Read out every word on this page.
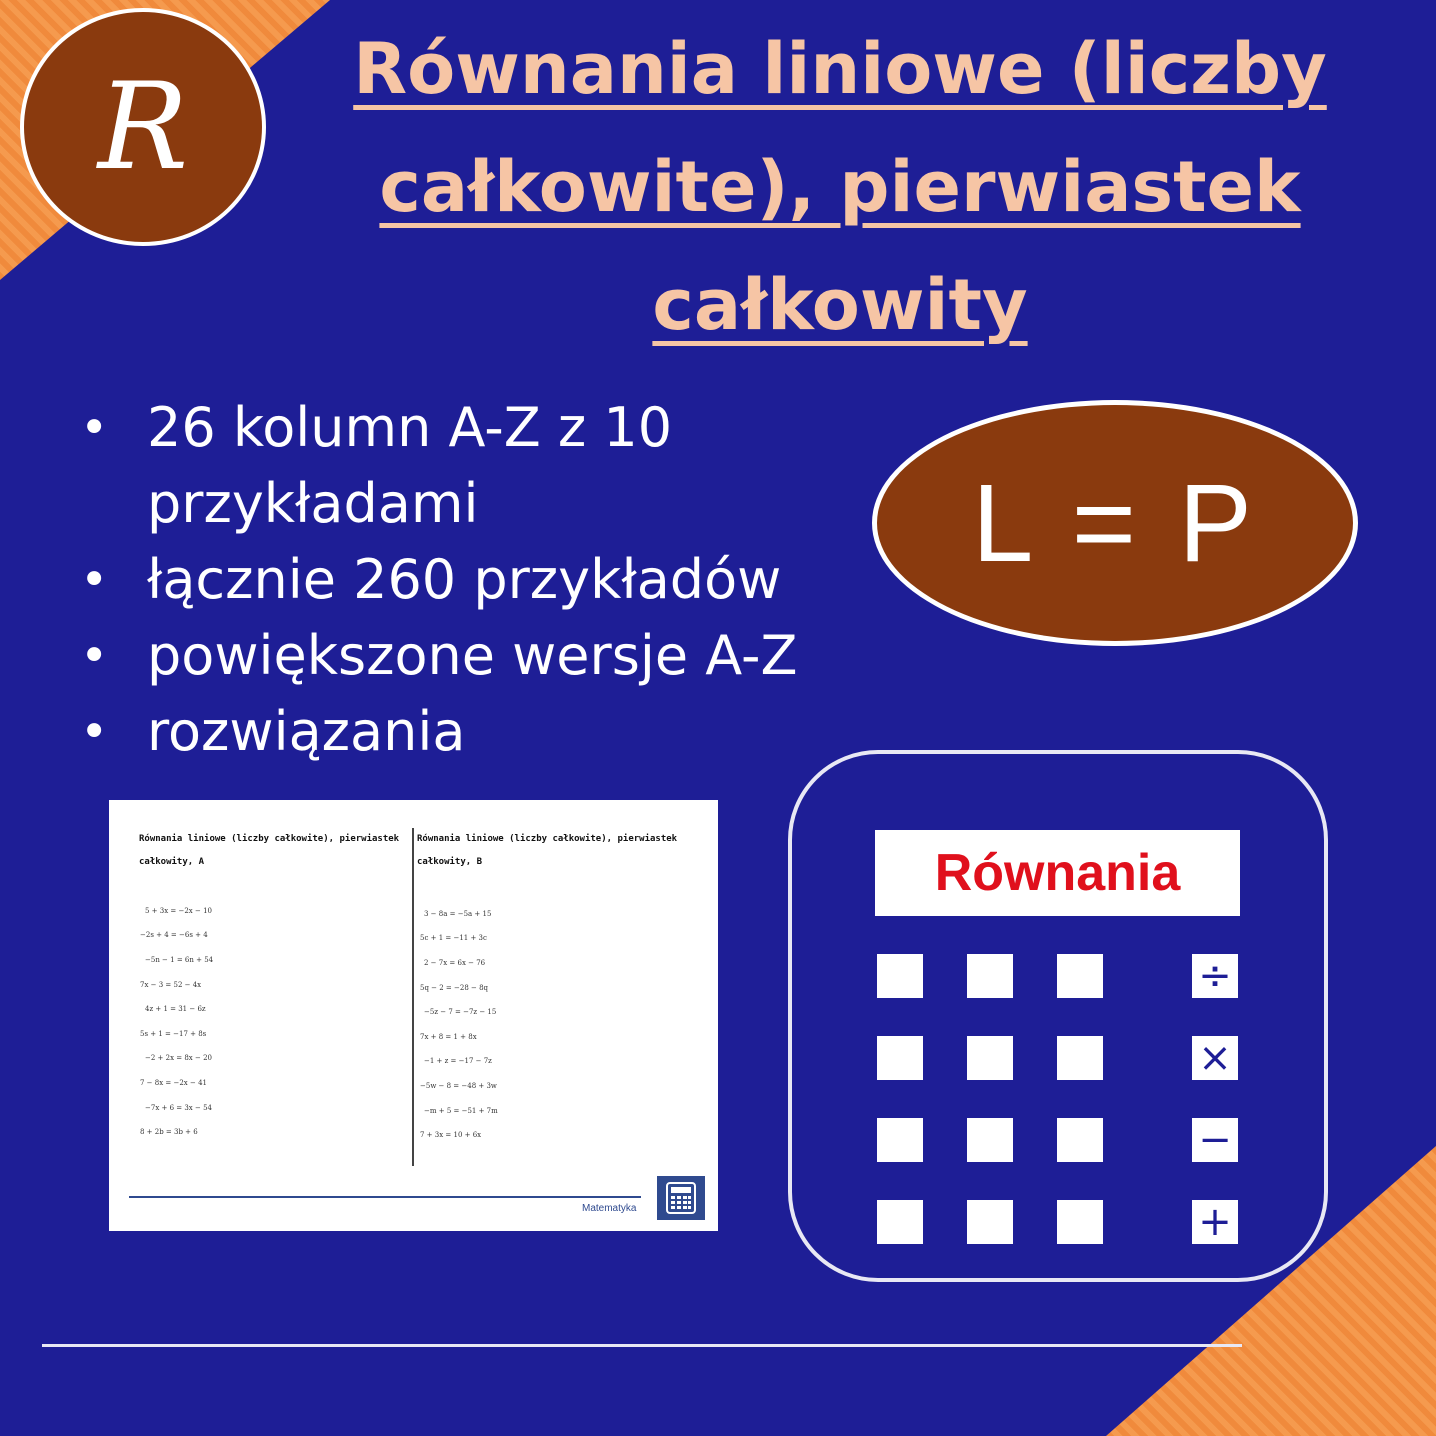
R	Równania liniowe (liczby
całkowite), pierwiastek
całkowity
• 26 kolumn A-Z z 10 przykładami
• łącznie 260 przykładów
• powiększone wersje A-Z
• rozwiązania
L = P
Równania liniowe (liczby całkowite), pierwiastek
całkowity, A
Równania liniowe (liczby całkowite), pierwiastek
całkowity, B
5 + 3x = −2x − 10
−2s + 4 = −6s + 4
−5n − 1 = 6n + 54
7x − 3 = 52 − 4x
4z + 1 = 31 − 6z
5s + 1 = −17 + 8s
−2 + 2x = 8x − 20
7 − 8x = −2x − 41
−7x + 6 = 3x − 54
8 + 2b = 3b + 6
3 − 8a = −5a + 15
5c + 1 = −11 + 3c
2 − 7x = 6x − 76
5q − 2 = −28 − 8q
−5z − 7 = −7z − 15
7x + 8 = 1 + 8x
−1 + z = −17 − 7z
−5w − 8 = −48 + 3w
−m + 5 = −51 + 7m
7 + 3x = 10 + 6x
Matematyka
Równania
÷
×
−
+
